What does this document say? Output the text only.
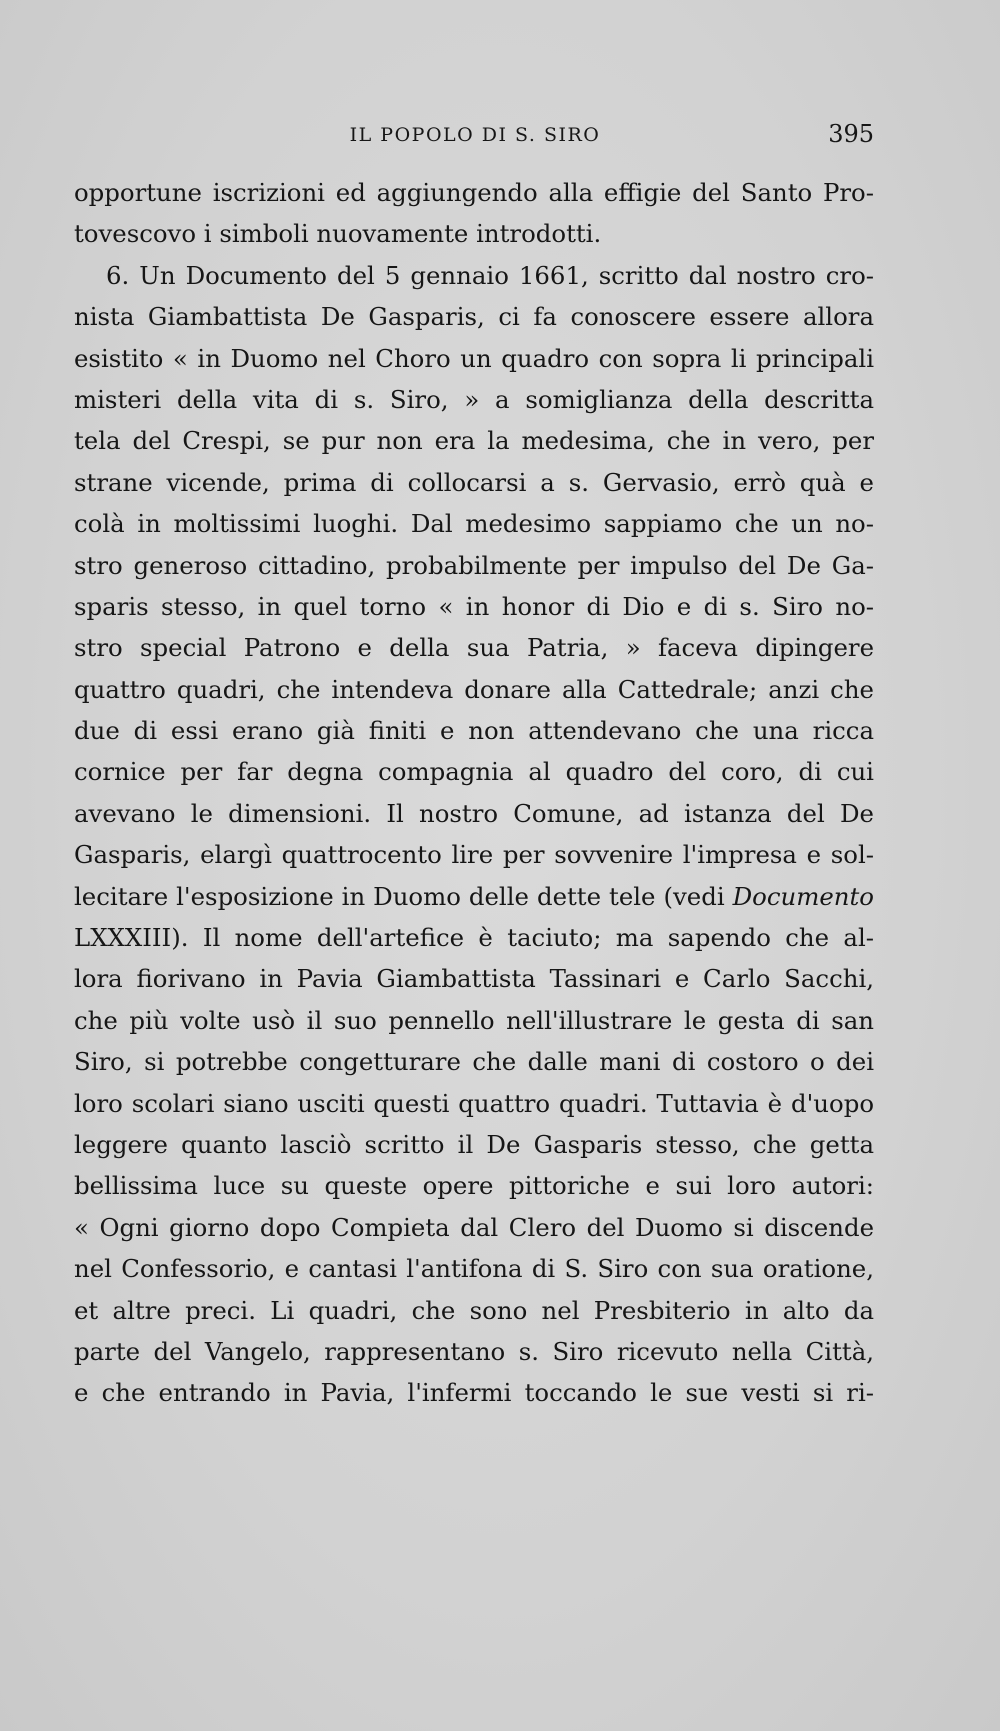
IL POPOLO DI S. SIRO	395
opportune iscrizioni ed aggiungendo alla effigie del Santo Pro-
tovescovo i simboli nuovamente introdotti.
6. Un Documento del 5 gennaio 1661, scritto dal nostro cro-
nista Giambattista De Gasparis, ci fa conoscere essere allora
esistito « in Duomo nel Choro un quadro con sopra li principali
misteri della vita di s. Siro, » a somiglianza della descritta
tela del Crespi, se pur non era la medesima, che in vero, per
strane vicende, prima di collocarsi a s. Gervasio, errò quà e
colà in moltissimi luoghi. Dal medesimo sappiamo che un no-
stro generoso cittadino, probabilmente per impulso del De Ga-
sparis stesso, in quel torno « in honor di Dio e di s. Siro no-
stro special Patrono e della sua Patria, » faceva dipingere
quattro quadri, che intendeva donare alla Cattedrale; anzi che
due di essi erano già finiti e non attendevano che una ricca
cornice per far degna compagnia al quadro del coro, di cui
avevano le dimensioni. Il nostro Comune, ad istanza del De
Gasparis, elargì quattrocento lire per sovvenire l'impresa e sol-
lecitare l'esposizione in Duomo delle dette tele (vedi Documento
LXXXIII). Il nome dell'artefice è taciuto; ma sapendo che al-
lora fiorivano in Pavia Giambattista Tassinari e Carlo Sacchi,
che più volte usò il suo pennello nell'illustrare le gesta di san
Siro, si potrebbe congetturare che dalle mani di costoro o dei
loro scolari siano usciti questi quattro quadri. Tuttavia è d'uopo
leggere quanto lasciò scritto il De Gasparis stesso, che getta
bellissima luce su queste opere pittoriche e sui loro autori:
« Ogni giorno dopo Compieta dal Clero del Duomo si discende
nel Confessorio, e cantasi l'antifona di S. Siro con sua oratione,
et altre preci. Li quadri, che sono nel Presbiterio in alto da
parte del Vangelo, rappresentano s. Siro ricevuto nella Città,
e che entrando in Pavia, l'infermi toccando le sue vesti si ri-
